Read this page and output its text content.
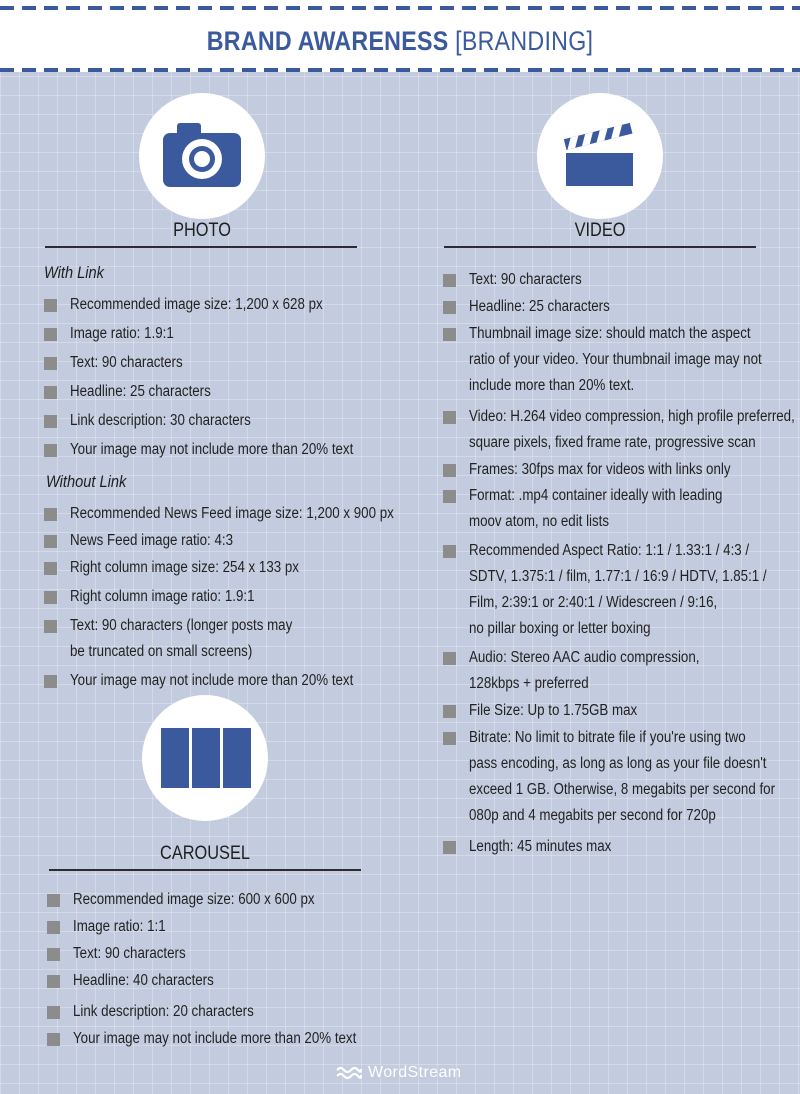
BRAND AWARENESS [BRANDING]
PHOTO
With Link
Recommended image size: 1,200 x 628 px
Image ratio: 1.9:1
Text: 90 characters
Headline: 25 characters
Link description: 30 characters
Your image may not include more than 20% text
Without Link
Recommended News Feed image size: 1,200 x 900 px
News Feed image ratio: 4:3
Right column image size: 254 x 133 px
Right column image ratio: 1.9:1
Text: 90 characters (longer posts may
be truncated on small screens)
Your image may not include more than 20% text
VIDEO
Text: 90 characters
Headline: 25 characters
Thumbnail image size: should match the aspect
ratio of your video. Your thumbnail image may not
include more than 20% text.
Video: H.264 video compression, high profile preferred,
square pixels, fixed frame rate, progressive scan
Frames: 30fps max for videos with links only
Format: .mp4 container ideally with leading
moov atom, no edit lists
Recommended Aspect Ratio: 1:1 / 1.33:1 / 4:3 /
SDTV, 1.375:1 / film, 1.77:1 / 16:9 / HDTV, 1.85:1 /
Film, 2:39:1 or 2:40:1 / Widescreen / 9:16,
no pillar boxing or letter boxing
Audio: Stereo AAC audio compression,
128kbps + preferred
File Size: Up to 1.75GB max
Bitrate: No limit to bitrate file if you're using two
pass encoding, as long as long as your file doesn't
exceed 1 GB. Otherwise, 8 megabits per second for
080p and 4 megabits per second for 720p
Length: 45 minutes max
CAROUSEL
Recommended image size: 600 x 600 px
Image ratio: 1:1
Text: 90 characters
Headline: 40 characters
Link description: 20 characters
Your image may not include more than 20% text
WordStream
